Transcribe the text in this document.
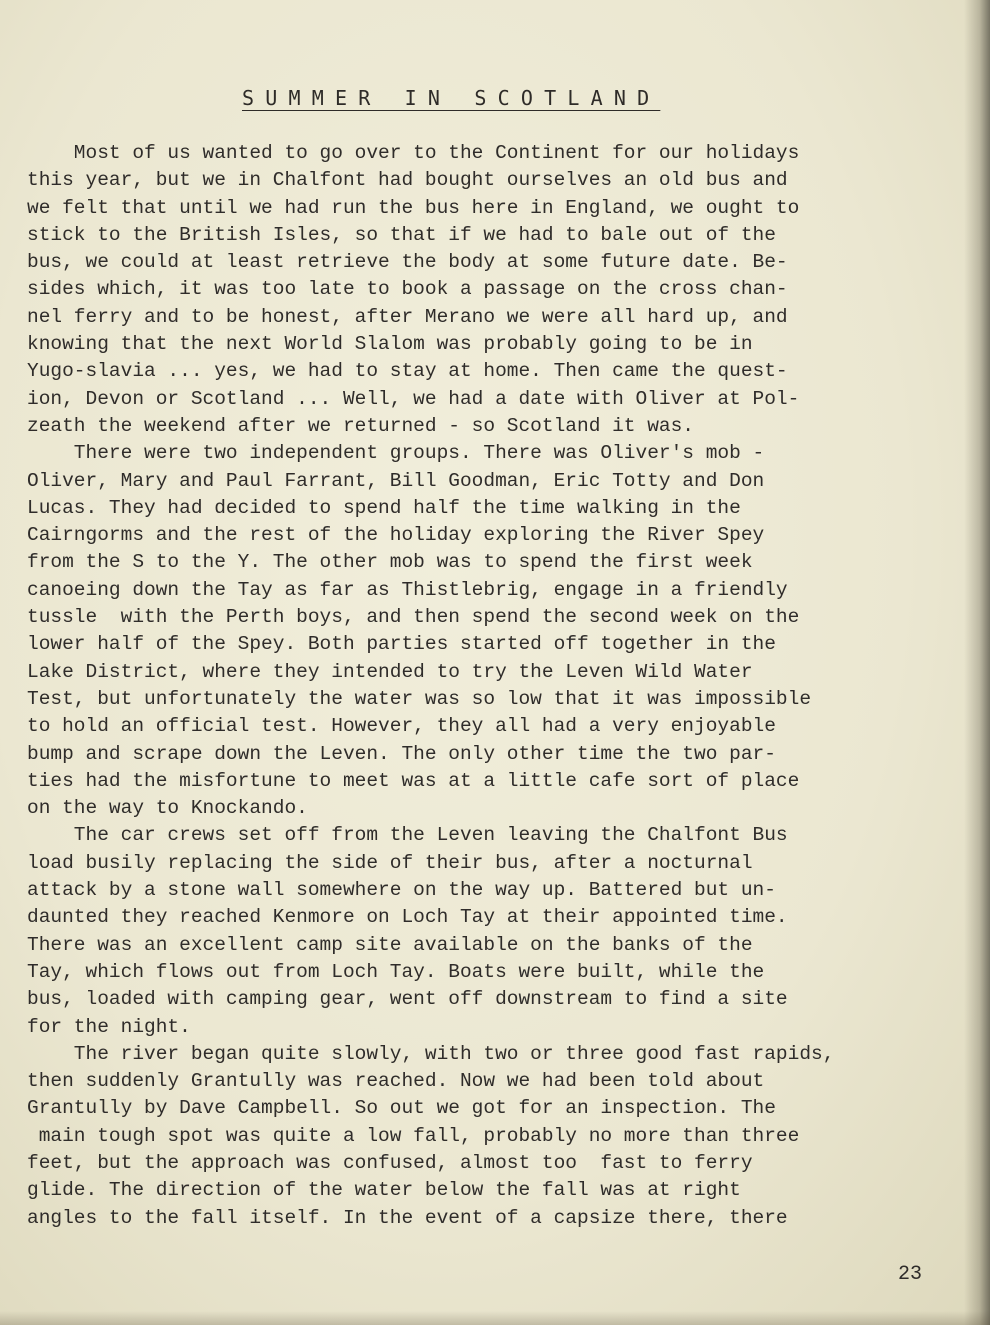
SUMMER IN SCOTLAND
Most of us wanted to go over to the Continent for our holidays
this year, but we in Chalfont had bought ourselves an old bus and
we felt that until we had run the bus here in England, we ought to
stick to the British Isles, so that if we had to bale out of the
bus, we could at least retrieve the body at some future date. Be-
sides which, it was too late to book a passage on the cross chan-
nel ferry and to be honest, after Merano we were all hard up, and
knowing that the next World Slalom was probably going to be in
Yugo-slavia ... yes, we had to stay at home. Then came the quest-
ion, Devon or Scotland ... Well, we had a date with Oliver at Pol-
zeath the weekend after we returned - so Scotland it was.
There were two independent groups. There was Oliver's mob -
Oliver, Mary and Paul Farrant, Bill Goodman, Eric Totty and Don
Lucas. They had decided to spend half the time walking in the
Cairngorms and the rest of the holiday exploring the River Spey
from the S to the Y. The other mob was to spend the first week
canoeing down the Tay as far as Thistlebrig, engage in a friendly
tussle  with the Perth boys, and then spend the second week on the
lower half of the Spey. Both parties started off together in the
Lake District, where they intended to try the Leven Wild Water
Test, but unfortunately the water was so low that it was impossible
to hold an official test. However, they all had a very enjoyable
bump and scrape down the Leven. The only other time the two par-
ties had the misfortune to meet was at a little cafe sort of place
on the way to Knockando.
The car crews set off from the Leven leaving the Chalfont Bus
load busily replacing the side of their bus, after a nocturnal
attack by a stone wall somewhere on the way up. Battered but un-
daunted they reached Kenmore on Loch Tay at their appointed time.
There was an excellent camp site available on the banks of the
Tay, which flows out from Loch Tay. Boats were built, while the
bus, loaded with camping gear, went off downstream to find a site
for the night.
The river began quite slowly, with two or three good fast rapids,
then suddenly Grantully was reached. Now we had been told about
Grantully by Dave Campbell. So out we got for an inspection. The
main tough spot was quite a low fall, probably no more than three
feet, but the approach was confused, almost too  fast to ferry
glide. The direction of the water below the fall was at right
angles to the fall itself. In the event of a capsize there, there
23
